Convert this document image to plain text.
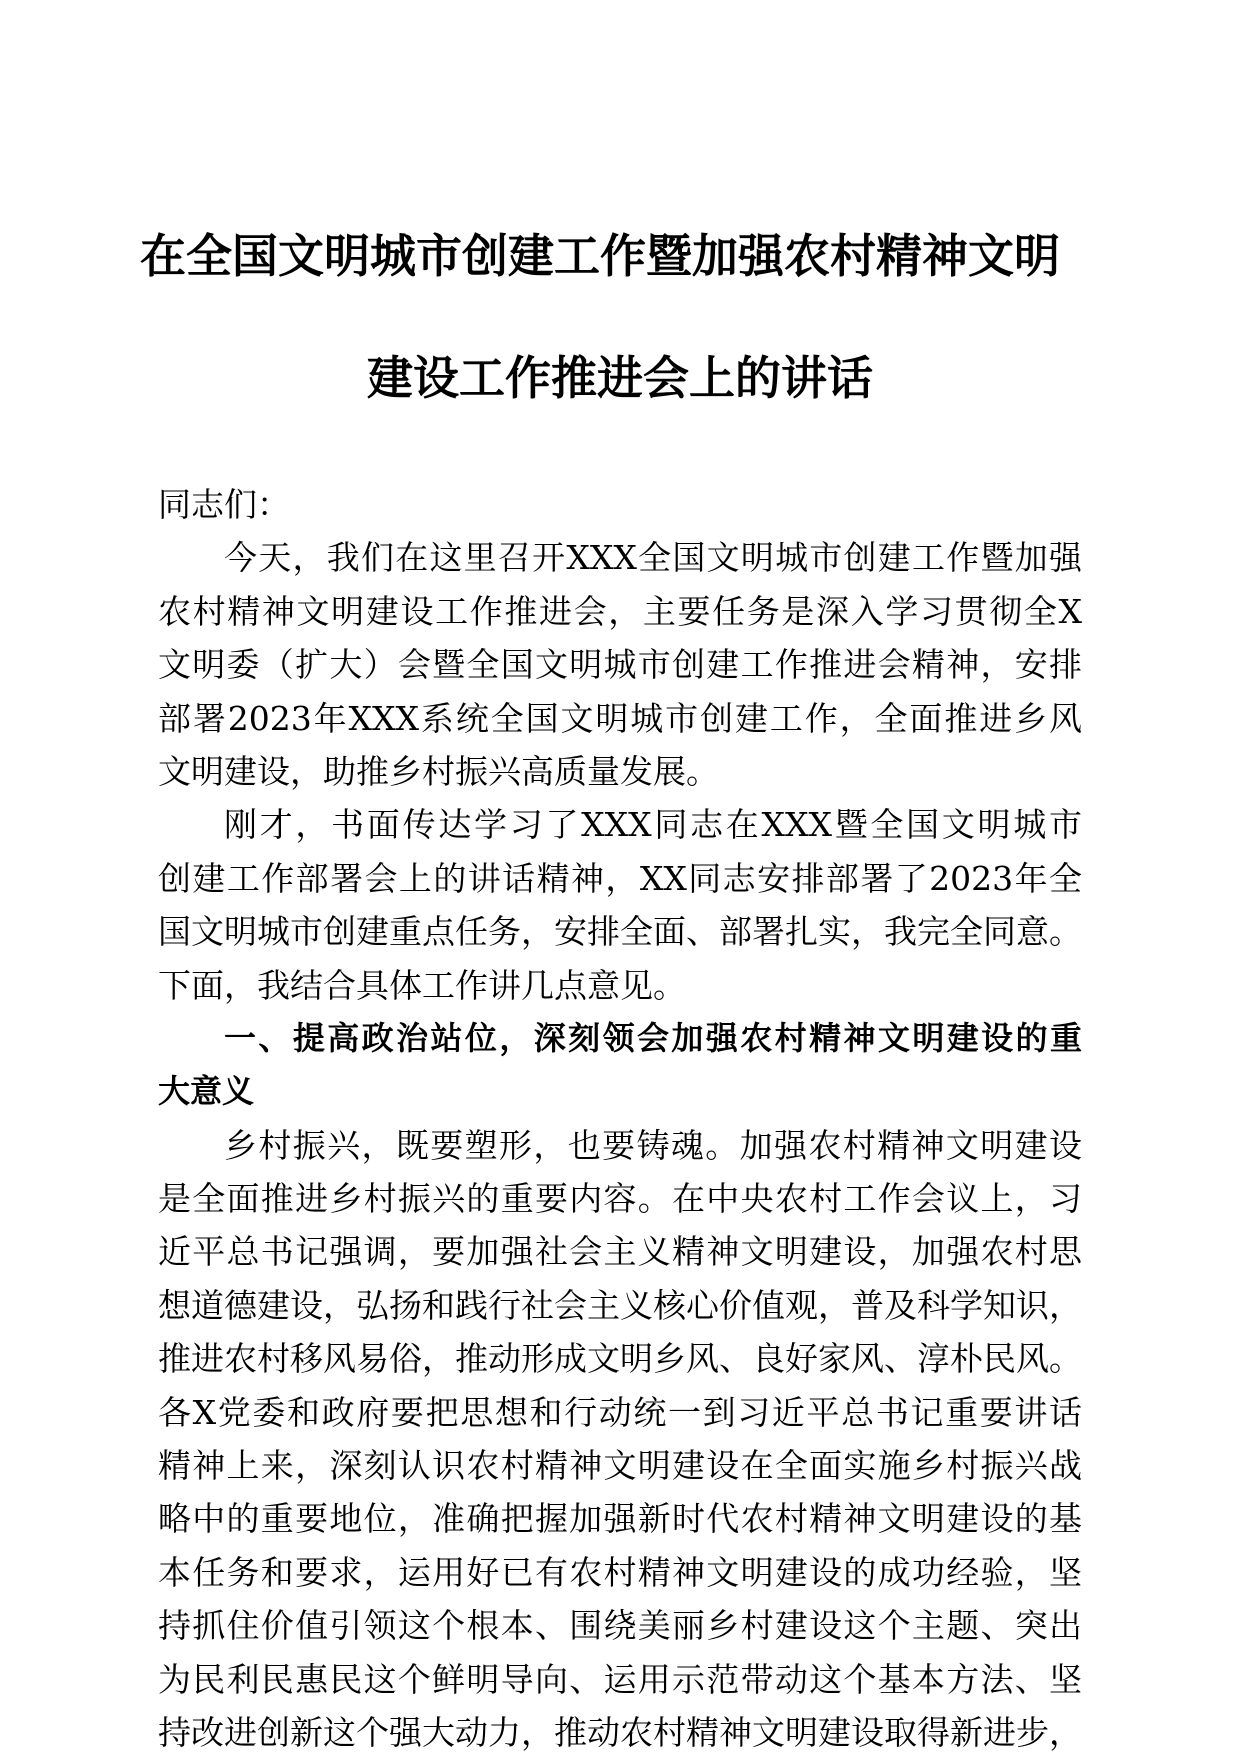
在全国文明城市创建工作暨加强农村精神文明
建设工作推进会上的讲话
同志们：
今天，我们在这里召开XXX全国文明城市创建工作暨加强
农村精神文明建设工作推进会，主要任务是深入学习贯彻全X
文明委（扩大）会暨全国文明城市创建工作推进会精神，安排
部署2023年XXX系统全国文明城市创建工作，全面推进乡风
文明建设，助推乡村振兴高质量发展。
刚才，书面传达学习了XXX同志在XXX暨全国文明城市
创建工作部署会上的讲话精神，XX同志安排部署了2023年全
国文明城市创建重点任务，安排全面、部署扎实，我完全同意。
下面，我结合具体工作讲几点意见。
一、提高政治站位，深刻领会加强农村精神文明建设的重
大意义
乡村振兴，既要塑形，也要铸魂。加强农村精神文明建设
是全面推进乡村振兴的重要内容。在中央农村工作会议上，习
近平总书记强调，要加强社会主义精神文明建设，加强农村思
想道德建设，弘扬和践行社会主义核心价值观，普及科学知识，
推进农村移风易俗，推动形成文明乡风、良好家风、淳朴民风。
各X党委和政府要把思想和行动统一到习近平总书记重要讲话
精神上来，深刻认识农村精神文明建设在全面实施乡村振兴战
略中的重要地位，准确把握加强新时代农村精神文明建设的基
本任务和要求，运用好已有农村精神文明建设的成功经验，坚
持抓住价值引领这个根本、围绕美丽乡村建设这个主题、突出
为民利民惠民这个鲜明导向、运用示范带动这个基本方法、坚
持改进创新这个强大动力，推动农村精神文明建设取得新进步，
